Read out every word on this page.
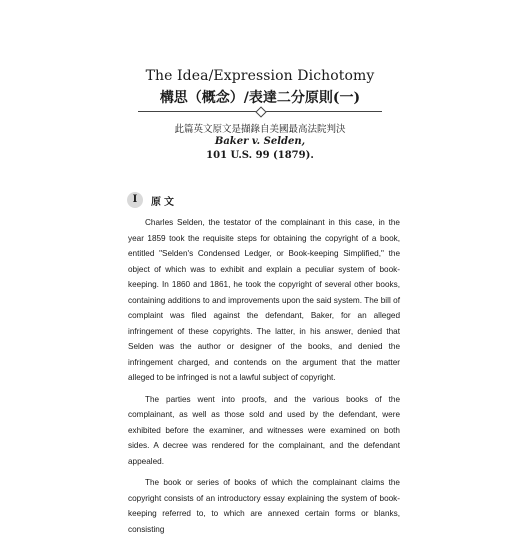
The Idea/Expression Dichotomy
構思（概念）/表達二分原則(一)
此篇英文原文是擷錄自美國最高法院判決
Baker v. Selden,
101 U.S. 99 (1879).
I	原文

Charles Selden, the testator of the complainant in this case, in the year 1859 took the requisite steps for obtaining the copyright of a book, entitled "Selden's Condensed Ledger, or Book-keeping Simplified," the object of which was to exhibit and explain a peculiar system of book-keeping. In 1860 and 1861, he took the copyright of several other books, containing additions to and improvements upon the said system. The bill of complaint was filed against the defendant, Baker, for an alleged infringement of these copyrights. The latter, in his answer, denied that Selden was the author or designer of the books, and denied the infringement charged, and contends on the argument that the matter alleged to be infringed is not a lawful subject of copyright.

The parties went into proofs, and the various books of the complainant, as well as those sold and used by the defendant, were exhibited before the examiner, and witnesses were examined on both sides. A decree was rendered for the complainant, and the defendant appealed.

The book or series of books of which the complainant claims the copyright consists of an introductory essay explaining the system of book-keeping referred to, to which are annexed certain forms or blanks, consisting
